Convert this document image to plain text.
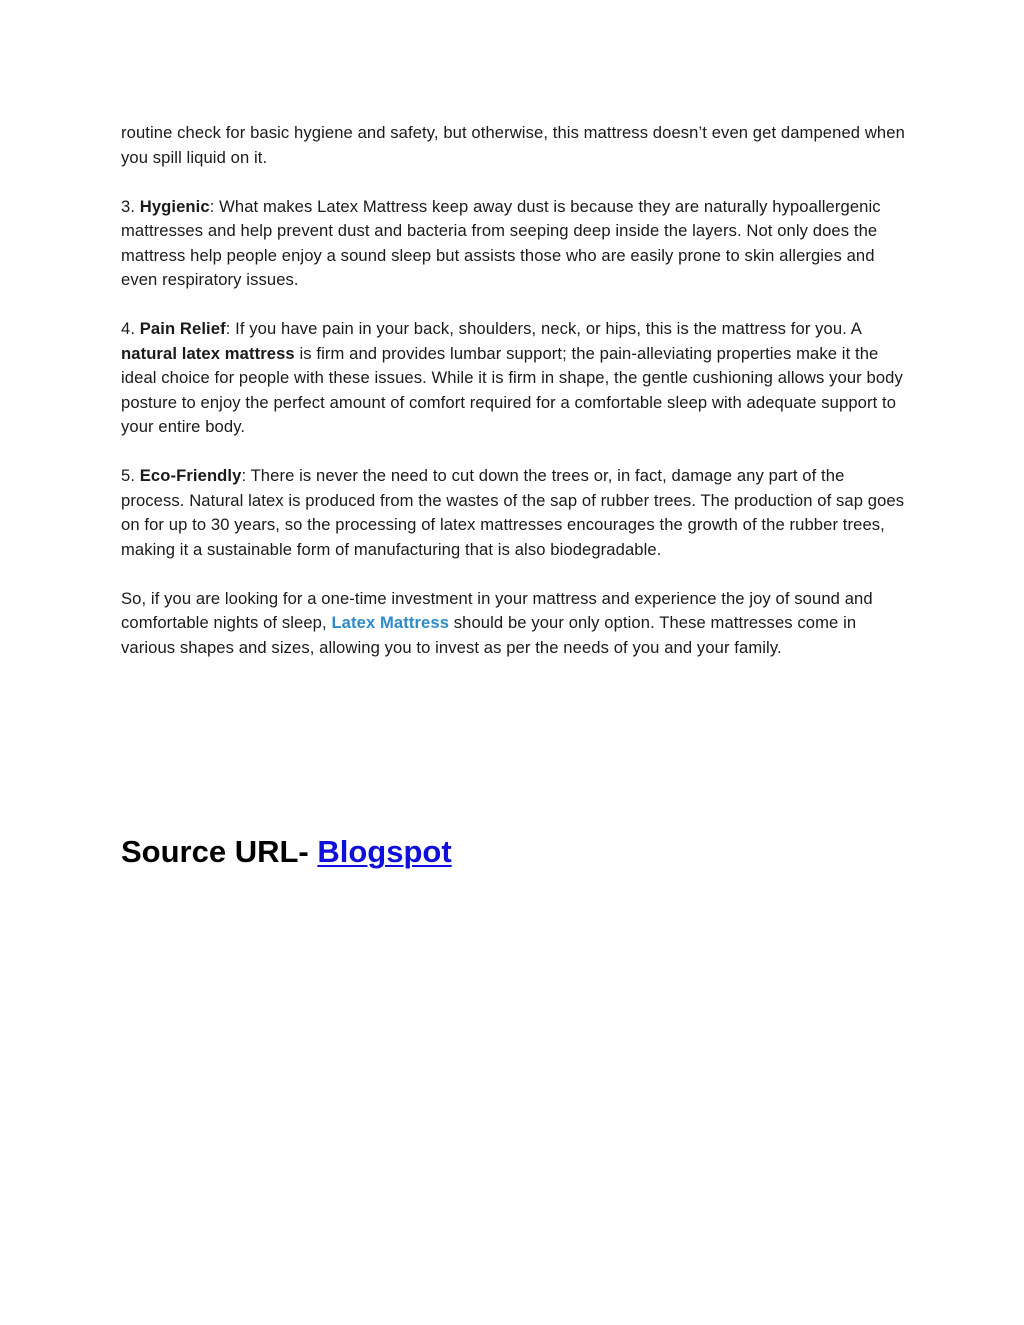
routine check for basic hygiene and safety, but otherwise, this mattress doesn’t even get dampened when you spill liquid on it.

3. Hygienic: What makes Latex Mattress keep away dust is because they are naturally hypoallergenic mattresses and help prevent dust and bacteria from seeping deep inside the layers. Not only does the mattress help people enjoy a sound sleep but assists those who are easily prone to skin allergies and even respiratory issues.

4. Pain Relief: If you have pain in your back, shoulders, neck, or hips, this is the mattress for you. A natural latex mattress is firm and provides lumbar support; the pain-alleviating properties make it the ideal choice for people with these issues. While it is firm in shape, the gentle cushioning allows your body posture to enjoy the perfect amount of comfort required for a comfortable sleep with adequate support to your entire body.

5. Eco-Friendly: There is never the need to cut down the trees or, in fact, damage any part of the process. Natural latex is produced from the wastes of the sap of rubber trees. The production of sap goes on for up to 30 years, so the processing of latex mattresses encourages the growth of the rubber trees, making it a sustainable form of manufacturing that is also biodegradable.

So, if you are looking for a one-time investment in your mattress and experience the joy of sound and comfortable nights of sleep, Latex Mattress should be your only option. These mattresses come in various shapes and sizes, allowing you to invest as per the needs of you and your family.

Source URL- Blogspot
